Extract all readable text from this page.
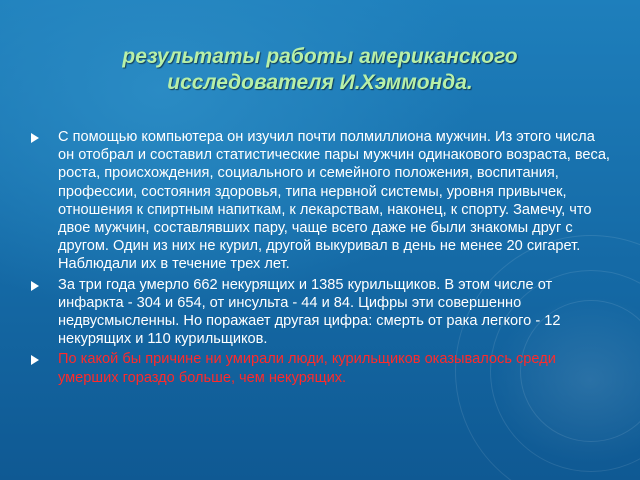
результаты работы американского
исследователя И.Хэммонда.
С помощью компьютера он изучил почти полмиллиона мужчин. Из этого числа он отобрал и составил статистические пары мужчин одинакового возраста, веса, роста, происхождения, социального и семейного положения, воспитания, профессии, состояния здоровья, типа нервной системы, уровня привычек, отношения к спиртным напиткам, к лекарствам, наконец, к спорту. Замечу, что двое мужчин, составлявших пару, чаще всего даже не были знакомы друг с другом. Один из них не курил, другой выкуривал в день не менее 20 сигарет. Наблюдали их в течение трех лет.
За три года умерло 662 некурящих и 1385 курильщиков. В этом числе от инфаркта - 304 и 654, от инсульта - 44 и 84. Цифры эти совершенно недвусмысленны. Но поражает другая цифра: смерть от рака легкого - 12 некурящих и 110 курильщиков.
По какой бы причине ни умирали люди, курильщиков оказывалось среди умерших гораздо больше, чем некурящих.
